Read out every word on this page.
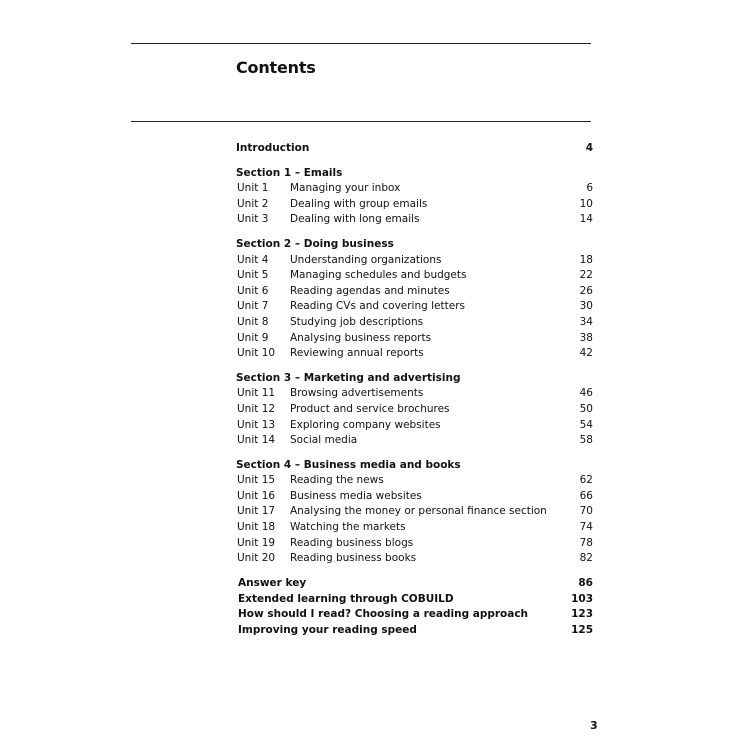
Contents
Introduction	4
Section 1 – Emails
Unit 1 Managing your inbox	6
Unit 2 Dealing with group emails	10
Unit 3 Dealing with long emails	14
Section 2 – Doing business
Unit 4 Understanding organizations	18
Unit 5 Managing schedules and budgets	22
Unit 6 Reading agendas and minutes	26
Unit 7 Reading CVs and covering letters	30
Unit 8 Studying job descriptions	34
Unit 9 Analysing business reports	38
Unit 10 Reviewing annual reports	42
Section 3 – Marketing and advertising
Unit 11 Browsing advertisements	46
Unit 12 Product and service brochures	50
Unit 13 Exploring company websites	54
Unit 14 Social media	58
Section 4 – Business media and books
Unit 15 Reading the news	62
Unit 16 Business media websites	66
Unit 17 Analysing the money or personal finance section	70
Unit 18 Watching the markets	74
Unit 19 Reading business blogs	78
Unit 20 Reading business books	82
Answer key	86
Extended learning through COBUILD	103
How should I read? Choosing a reading approach	123
Improving your reading speed	125
3
